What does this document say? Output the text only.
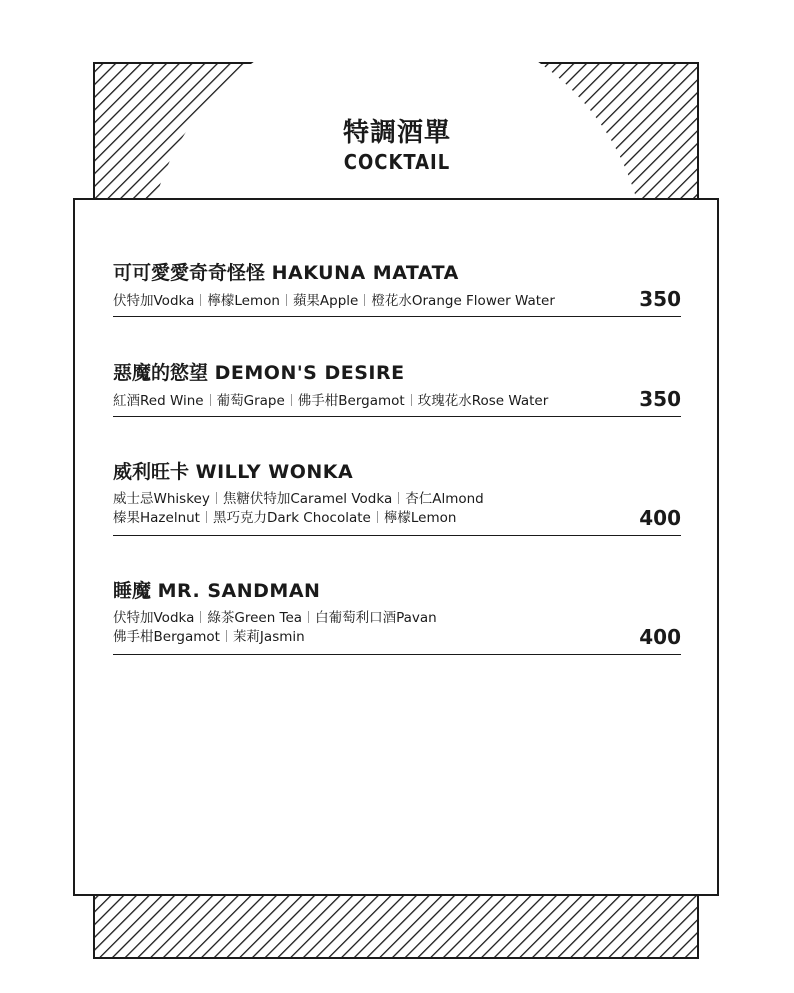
特調酒單
COCKTAIL
可可愛愛奇奇怪怪 HAKUNA MATATA
伏特加Vodka 檸檬Lemon 蘋果Apple 橙花水Orange Flower Water	350
惡魔的慾望 DEMON'S DESIRE
紅酒Red Wine 葡萄Grape 佛手柑Bergamot 玫瑰花水Rose Water	350
威利旺卡 WILLY WONKA
威士忌Whiskey 焦糖伏特加Caramel Vodka 杏仁Almond
榛果Hazelnut 黑巧克力Dark Chocolate 檸檬Lemon	400
睡魔 MR. SANDMAN
伏特加Vodka 綠茶Green Tea 白葡萄利口酒Pavan
佛手柑Bergamot 茉莉Jasmin	400
